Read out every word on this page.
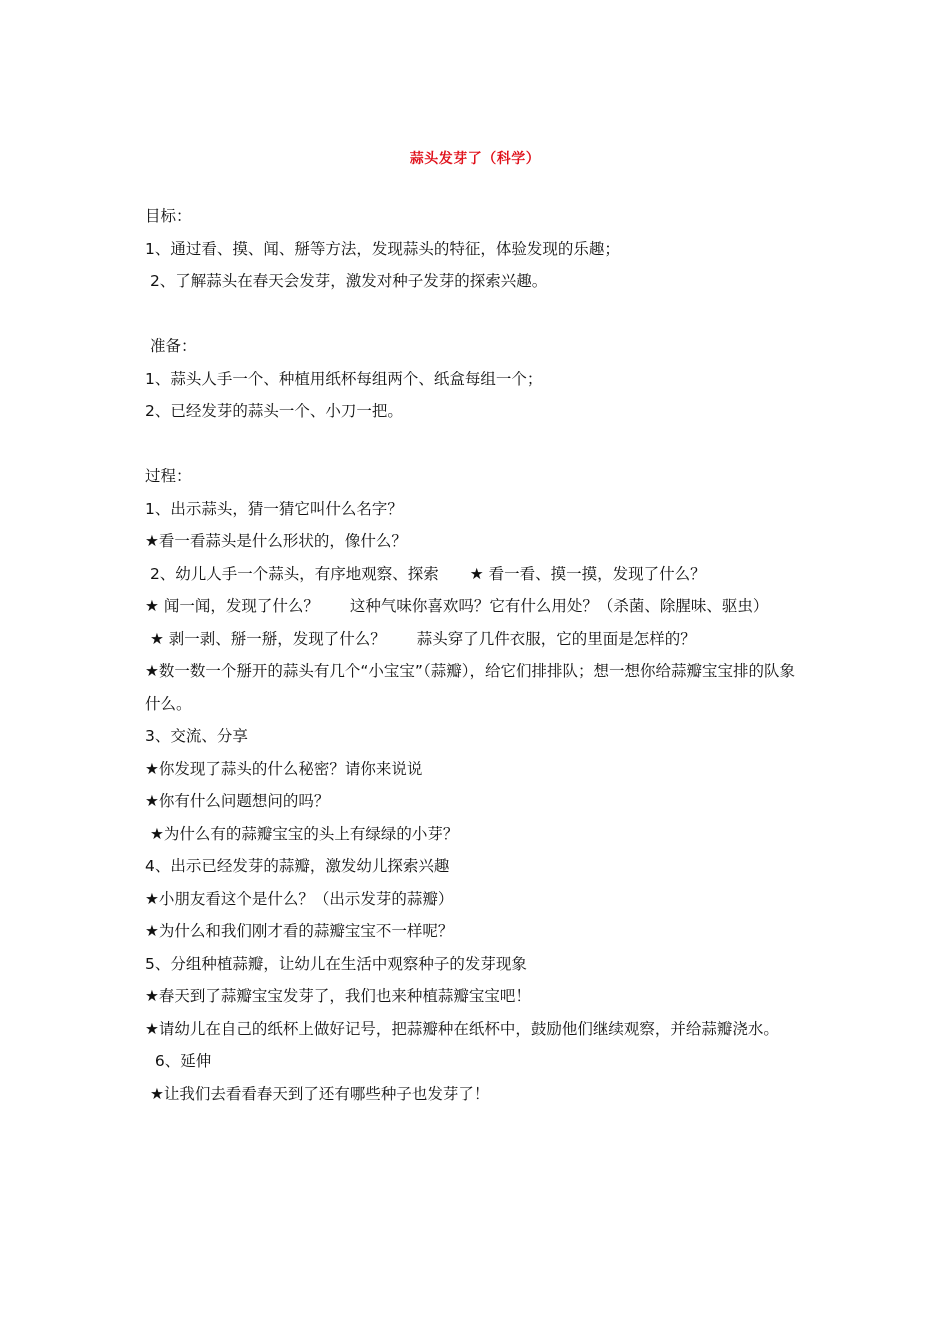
蒜头发芽了（科学）

目标：

1、通过看、摸、闻、掰等方法，发现蒜头的特征，体验发现的乐趣；

2、了解蒜头在春天会发芽，激发对种子发芽的探索兴趣。

准备：

1、蒜头人手一个、种植用纸杯每组两个、纸盒每组一个；

2、已经发芽的蒜头一个、小刀一把。

过程：

1、出示蒜头，猜一猜它叫什么名字？

★看一看蒜头是什么形状的，像什么？

2、幼儿人手一个蒜头，有序地观察、探索　　★ 看一看、摸一摸，发现了什么？

★ 闻一闻，发现了什么？　　这种气味你喜欢吗？它有什么用处？（杀菌、除腥味、驱虫）

★ 剥一剥、掰一掰，发现了什么？　　蒜头穿了几件衣服，它的里面是怎样的？

★数一数一个掰开的蒜头有几个“小宝宝”（蒜瓣），给它们排排队；想一想你给蒜瓣宝宝排的队象什么。

3、交流、分享

★你发现了蒜头的什么秘密？请你来说说

★你有什么问题想问的吗？

★为什么有的蒜瓣宝宝的头上有绿绿的小芽？

4、出示已经发芽的蒜瓣，激发幼儿探索兴趣

★小朋友看这个是什么？（出示发芽的蒜瓣）

★为什么和我们刚才看的蒜瓣宝宝不一样呢？

5、分组种植蒜瓣，让幼儿在生活中观察种子的发芽现象

★春天到了蒜瓣宝宝发芽了，我们也来种植蒜瓣宝宝吧！

★请幼儿在自己的纸杯上做好记号，把蒜瓣种在纸杯中，鼓励他们继续观察，并给蒜瓣浇水。

6、延伸

★让我们去看看春天到了还有哪些种子也发芽了！
